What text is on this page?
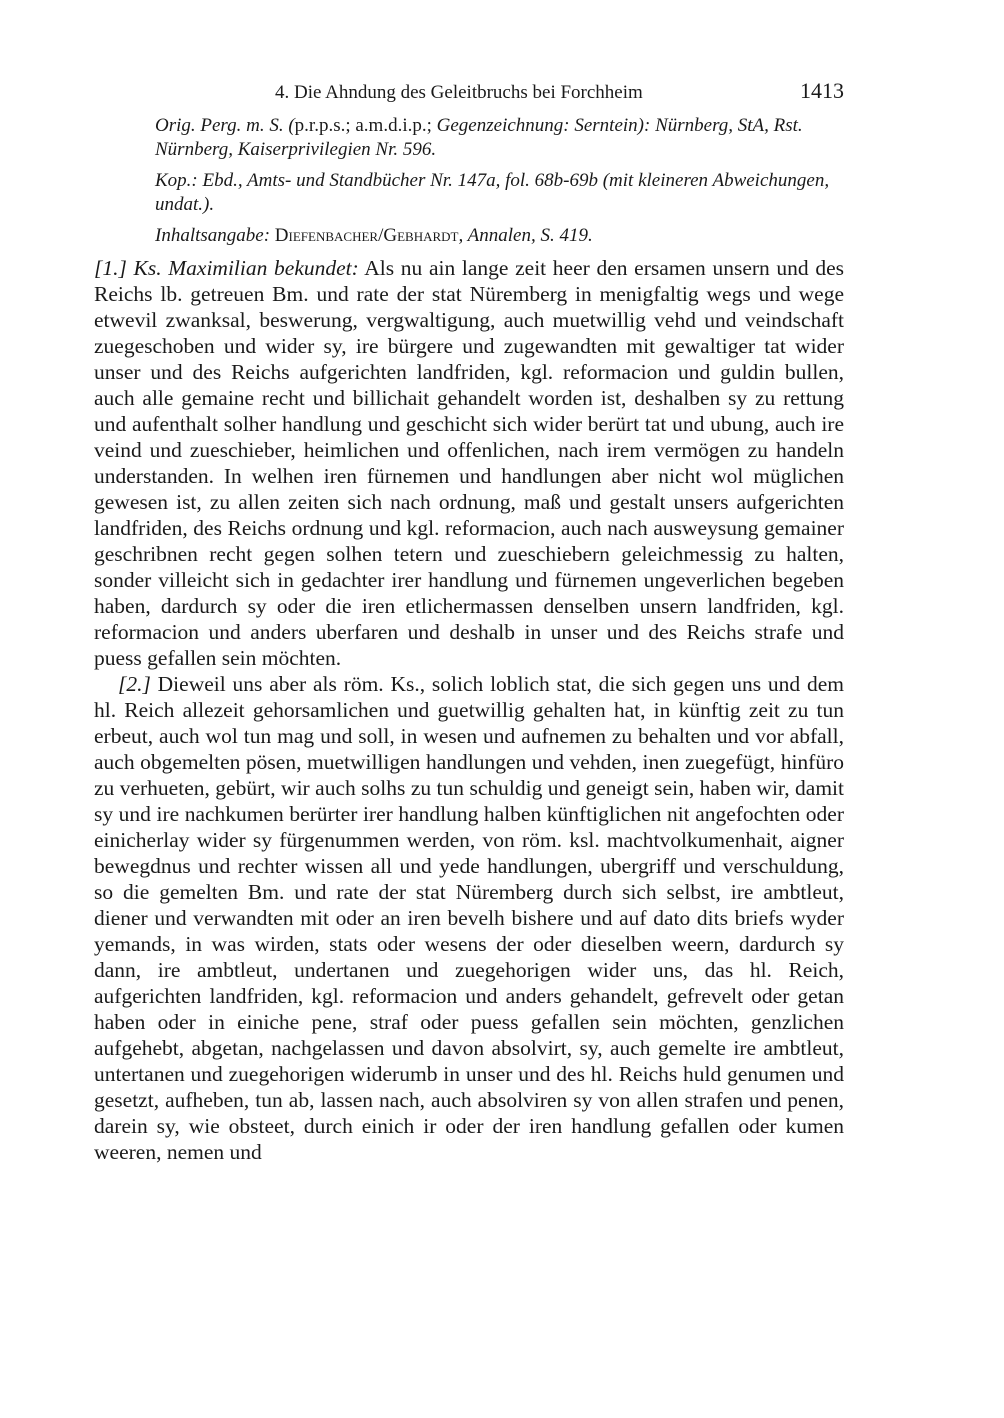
4. Die Ahndung des Geleitbruchs bei Forchheim	1413

Orig. Perg. m. S. (p.r.p.s.; a.m.d.i.p.; Gegenzeichnung: Serntein): Nürnberg, StA, Rst. Nürnberg, Kaiserprivilegien Nr. 596.

Kop.: Ebd., Amts- und Standbücher Nr. 147a, fol. 68b-69b (mit kleineren Abweichungen, undat.).

Inhaltsangabe: Diefenbacher/Gebhardt, Annalen, S. 419.

[1.] Ks. Maximilian bekundet: Als nu ain lange zeit heer den ersamen unsern und des Reichs lb. getreuen Bm. und rate der stat Nüremberg in menigfaltig wegs und wege etwevil zwanksal, beswerung, vergwaltigung, auch muetwillig vehd und veindschaft zuegeschoben und wider sy, ire bürgere und zugewandten mit gewaltiger tat wider unser und des Reichs aufgerichten landfriden, kgl. reformacion und guldin bullen, auch alle gemaine recht und billichait gehandelt worden ist, deshalben sy zu rettung und aufenthalt solher handlung und geschicht sich wider berürt tat und ubung, auch ire veind und zueschieber, heimlichen und offenlichen, nach irem vermögen zu handeln understanden. In welhen iren fürnemen und handlungen aber nicht wol müglichen gewesen ist, zu allen zeiten sich nach ordnung, maß und gestalt unsers aufgerichten landfriden, des Reichs ordnung und kgl. reformacion, auch nach ausweysung gemainer geschribnen recht gegen solhen tetern und zueschiebern geleichmessig zu halten, sonder villeicht sich in gedachter irer handlung und fürnemen ungeverlichen begeben haben, dardurch sy oder die iren etlichermassen denselben unsern landfriden, kgl. reformacion und anders uberfaren und deshalb in unser und des Reichs strafe und puess gefallen sein möchten.

[2.] Dieweil uns aber als röm. Ks., solich loblich stat, die sich gegen uns und dem hl. Reich allezeit gehorsamlichen und guetwillig gehalten hat, in künftig zeit zu tun erbeut, auch wol tun mag und soll, in wesen und aufnemen zu behalten und vor abfall, auch obgemelten pösen, muetwilligen handlungen und vehden, inen zuegefügt, hinfüro zu verhueten, gebürt, wir auch solhs zu tun schuldig und geneigt sein, haben wir, damit sy und ire nachkumen berürter irer handlung halben künftiglichen nit angefochten oder einicherlay wider sy fürgenummen werden, von röm. ksl. machtvolkumenhait, aigner bewegdnus und rechter wissen all und yede handlungen, ubergriff und verschuldung, so die gemelten Bm. und rate der stat Nüremberg durch sich selbst, ire ambtleut, diener und verwandten mit oder an iren bevelh bishere und auf dato dits briefs wyder yemands, in was wirden, stats oder wesens der oder dieselben weern, dardurch sy dann, ire ambtleut, undertanen und zuegehorigen wider uns, das hl. Reich, aufgerichten landfriden, kgl. reformacion und anders gehandelt, gefrevelt oder getan haben oder in einiche pene, straf oder puess gefallen sein möchten, genzlichen aufgehebt, abgetan, nachgelassen und davon absolvirt, sy, auch gemelte ire ambtleut, untertanen und zuegehorigen widerumb in unser und des hl. Reichs huld genumen und gesetzt, aufheben, tun ab, lassen nach, auch absolviren sy von allen strafen und penen, darein sy, wie obsteet, durch einich ir oder der iren handlung gefallen oder kumen weeren, nemen und
